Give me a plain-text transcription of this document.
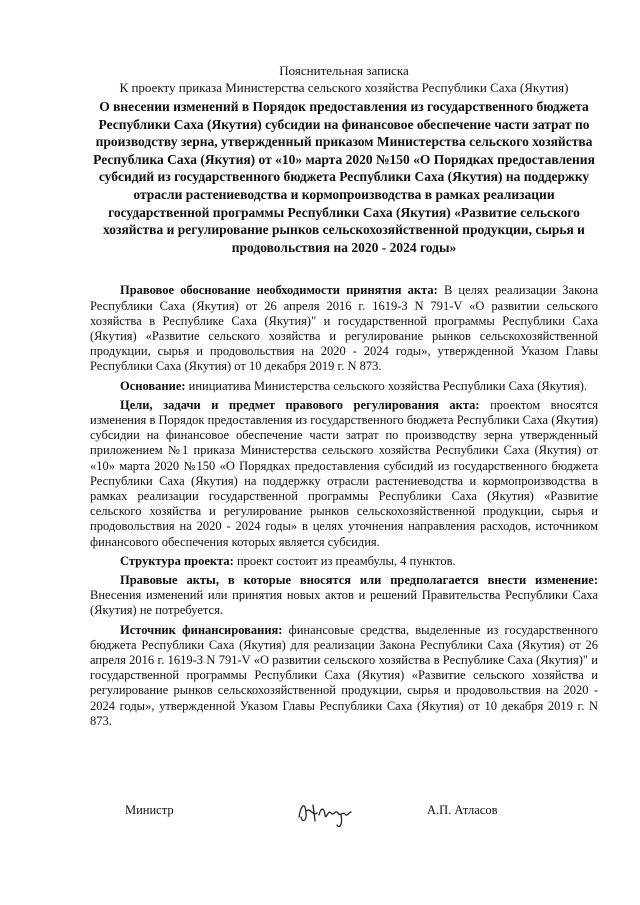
Пояснительная записка
К проекту приказа Министерства сельского хозяйства Республики Саха (Якутия)
О внесении изменений в Порядок предоставления из государственного бюджета Республики Саха (Якутия) субсидии на финансовое обеспечение части затрат по производству зерна, утвержденный приказом Министерства сельского хозяйства Республика Саха (Якутия) от «10» марта 2020 №150 «О Порядках предоставления субсидий из государственного бюджета Республики Саха (Якутия) на поддержку отрасли растениеводства и кормопроизводства в рамках реализации государственной программы Республики Саха (Якутия) «Развитие сельского хозяйства и регулирование рынков сельскохозяйственной продукции, сырья и продовольствия на 2020 - 2024 годы»

Правовое обоснование необходимости принятия акта: В целях реализации Закона Республики Саха (Якутия) от 26 апреля 2016 г. 1619-З N 791-V «О развитии сельского хозяйства в Республике Саха (Якутия)" и государственной программы Республики Саха (Якутия) «Развитие сельского хозяйства и регулирование рынков сельскохозяйственной продукции, сырья и продовольствия на 2020 - 2024 годы», утвержденной Указом Главы Республики Саха (Якутия) от 10 декабря 2019 г. N 873.

Основание: инициатива Министерства сельского хозяйства Республики Саха (Якутия).

Цели, задачи и предмет правового регулирования акта: проектом вносятся изменения в Порядок предоставления из государственного бюджета Республики Саха (Якутия) субсидии на финансовое обеспечение части затрат по производству зерна утвержденный приложением №1 приказа Министерства сельского хозяйства Республики Саха (Якутия) от «10» марта 2020 №150 «О Порядках предоставления субсидий из государственного бюджета Республики Саха (Якутия) на поддержку отрасли растениеводства и кормопроизводства в рамках реализации государственной программы Республики Саха (Якутия) «Развитие сельского хозяйства и регулирование рынков сельскохозяйственной продукции, сырья и продовольствия на 2020 - 2024 годы» в целях уточнения направления расходов, источником финансового обеспечения которых является субсидия.

Структура проекта: проект состоит из преамбулы, 4 пунктов.

Правовые акты, в которые вносятся или предполагается внести изменение: Внесения изменений или принятия новых актов и решений Правительства Республики Саха (Якутия) не потребуется.

Источник финансирования: финансовые средства, выделенные из государственного бюджета Республики Саха (Якутия) для реализации Закона Республики Саха (Якутия) от 26 апреля 2016 г. 1619-З N 791-V «О развитии сельского хозяйства в Республике Саха (Якутия)" и государственной программы Республики Саха (Якутия) «Развитие сельского хозяйства и регулирование рынков сельскохозяйственной продукции, сырья и продовольствия на 2020 - 2024 годы», утвержденной Указом Главы Республики Саха (Якутия) от 10 декабря 2019 г. N 873.

Министр	А.П. Атласов
